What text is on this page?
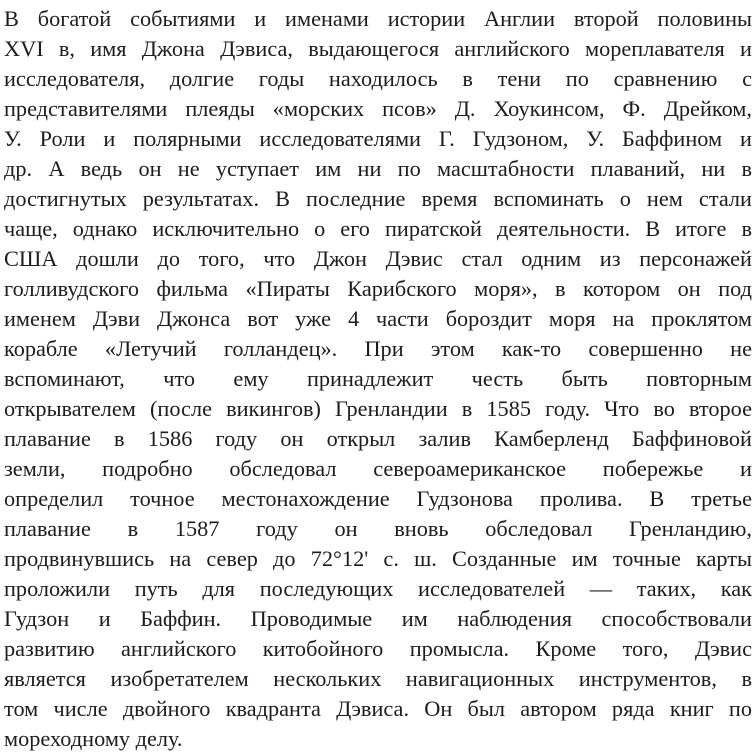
В богатой событиями и именами истории Англии второй половины
XVI в, имя Джона Дэвиса, выдающегося английского мореплавателя и
исследователя, долгие годы находилось в тени по сравнению с
представителями плеяды «морских псов» Д. Хоукинсом, Ф. Дрейком,
У. Роли и полярными исследователями Г. Гудзоном, У. Баффином и
др. А ведь он не уступает им ни по масштабности плаваний, ни в
достигнутых результатах. В последние время вспоминать о нем стали
чаще, однако исключительно о его пиратской деятельности. В итоге в
США дошли до того, что Джон Дэвис стал одним из персонажей
голливудского фильма «Пираты Карибского моря», в котором он под
именем Дэви Джонса вот уже 4 части бороздит моря на проклятом
корабле «Летучий голландец». При этом как-то совершенно не
вспоминают, что ему принадлежит честь быть повторным
открывателем (после викингов) Гренландии в 1585 году. Что во второе
плавание в 1586 году он открыл залив Камберленд Баффиновой
земли, подробно обследовал североамериканское побережье и
определил точное местонахождение Гудзонова пролива. В третье
плавание в 1587 году он вновь обследовал Гренландию,
продвинувшись на север до 72°12' с. ш. Созданные им точные карты
проложили путь для последующих исследователей — таких, как
Гудзон и Баффин. Проводимые им наблюдения способствовали
развитию английского китобойного промысла. Кроме того, Дэвис
является изобретателем нескольких навигационных инструментов, в
том числе двойного квадранта Дэвиса. Он был автором ряда книг по
мореходному делу.
